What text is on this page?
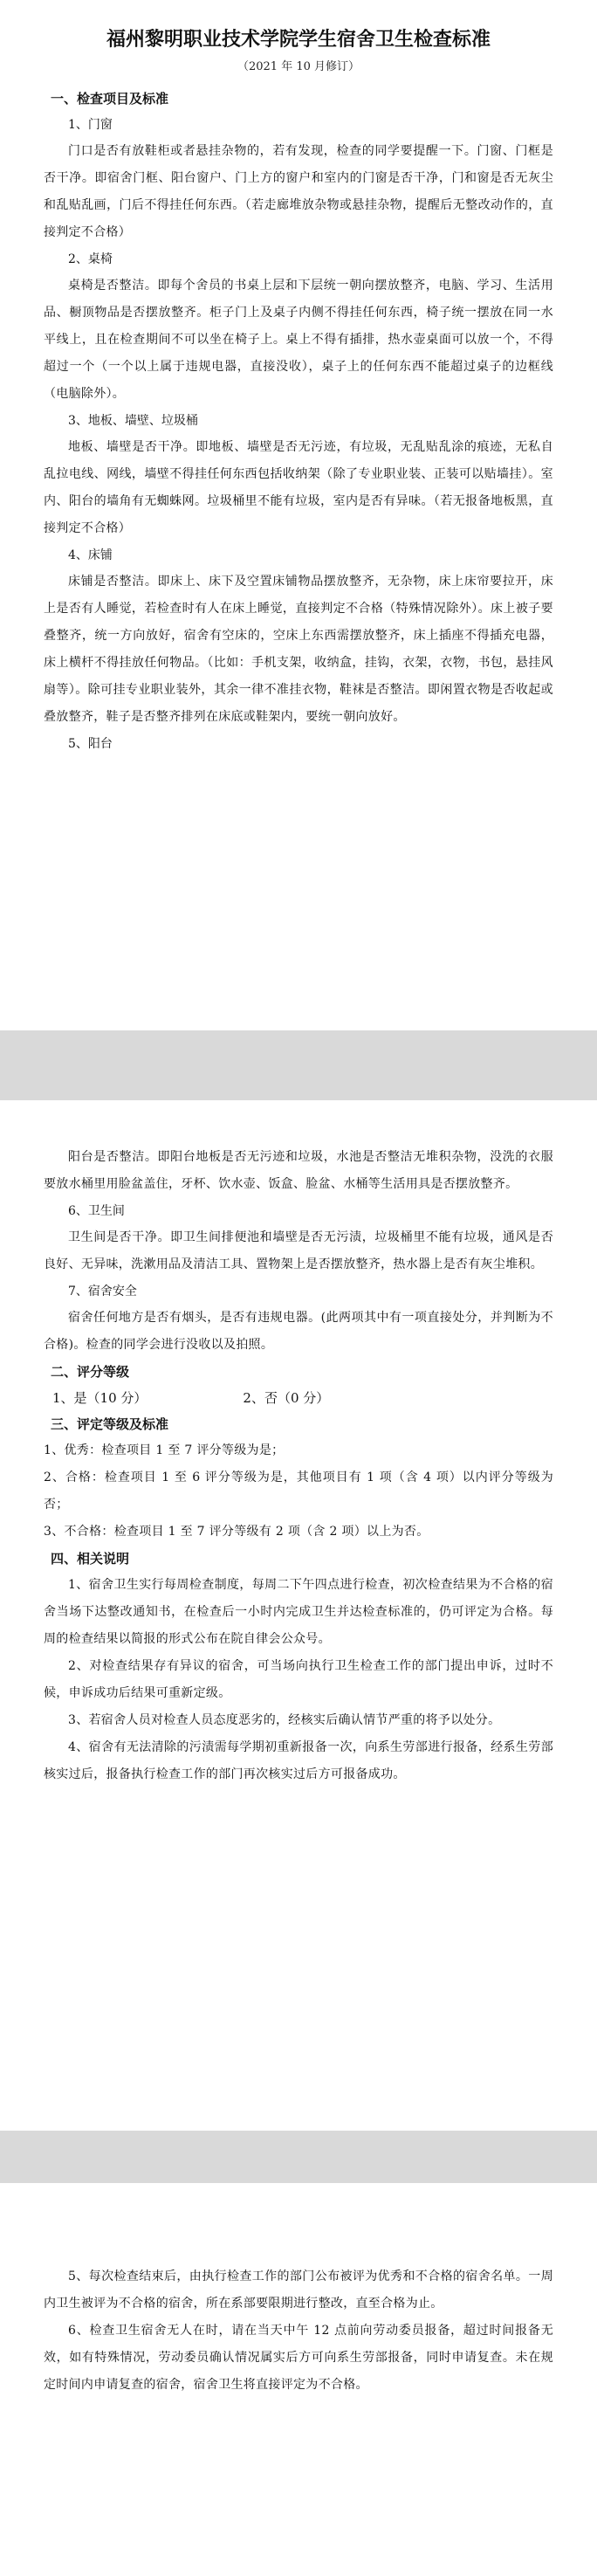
福州黎明职业技术学院学生宿舍卫生检查标准

（2021 年 10 月修订）

一、检查项目及标准

1、门窗

门口是否有放鞋柜或者悬挂杂物的，若有发现，检查的同学要提醒一下。门窗、门框是否干净。即宿舍门框、阳台窗户、门上方的窗户和室内的门窗是否干净，门和窗是否无灰尘和乱贴乱画，门后不得挂任何东西。（若走廊堆放杂物或悬挂杂物，提醒后无整改动作的，直接判定不合格）

2、桌椅

桌椅是否整洁。即每个舍员的书桌上层和下层统一朝向摆放整齐，电脑、学习、生活用品、橱顶物品是否摆放整齐。柜子门上及桌子内侧不得挂任何东西，椅子统一摆放在同一水平线上，且在检查期间不可以坐在椅子上。桌上不得有插排，热水壶桌面可以放一个，不得超过一个（一个以上属于违规电器，直接没收），桌子上的任何东西不能超过桌子的边框线（电脑除外）。

3、地板、墙壁、垃圾桶

地板、墙壁是否干净。即地板、墙壁是否无污迹，有垃圾，无乱贴乱涂的痕迹，无私自乱拉电线、网线，墙壁不得挂任何东西包括收纳架（除了专业职业装、正装可以贴墙挂）。室内、阳台的墙角有无蜘蛛网。垃圾桶里不能有垃圾，室内是否有异味。（若无报备地板黑，直接判定不合格）

4、床铺

床铺是否整洁。即床上、床下及空置床铺物品摆放整齐，无杂物，床上床帘要拉开，床上是否有人睡觉，若检查时有人在床上睡觉，直接判定不合格（特殊情况除外）。床上被子要叠整齐，统一方向放好，宿舍有空床的，空床上东西需摆放整齐，床上插座不得插充电器，床上横杆不得挂放任何物品。（比如：手机支架，收纳盒，挂钩，衣架，衣物，书包，悬挂风扇等）。除可挂专业职业装外，其余一律不准挂衣物，鞋袜是否整洁。即闲置衣物是否收起或叠放整齐，鞋子是否整齐排列在床底或鞋架内，要统一朝向放好。

5、阳台

阳台是否整洁。即阳台地板是否无污迹和垃圾，水池是否整洁无堆积杂物，没洗的衣服要放水桶里用脸盆盖住，牙杯、饮水壶、饭盒、脸盆、水桶等生活用具是否摆放整齐。

6、卫生间

卫生间是否干净。即卫生间排便池和墙壁是否无污渍，垃圾桶里不能有垃圾，通风是否良好、无异味，洗漱用品及清洁工具、置物架上是否摆放整齐，热水器上是否有灰尘堆积。

7、宿舍安全

宿舍任何地方是否有烟头，是否有违规电器。(此两项其中有一项直接处分，并判断为不合格)。检查的同学会进行没收以及拍照。

二、评分等级

1、是（10 分）	2、否（0 分）

三、评定等级及标准

1、优秀：检查项目 1 至 7 评分等级为是；

2、合格：检查项目 1 至 6 评分等级为是，其他项目有 1 项（含 4 项）以内评分等级为否；

3、不合格：检查项目 1 至 7 评分等级有 2 项（含 2 项）以上为否。

四、相关说明

1、宿舍卫生实行每周检查制度，每周二下午四点进行检查，初次检查结果为不合格的宿舍当场下达整改通知书，在检查后一小时内完成卫生并达检查标准的，仍可评定为合格。每周的检查结果以简报的形式公布在院自律会公众号。

2、对检查结果存有异议的宿舍，可当场向执行卫生检查工作的部门提出申诉，过时不候，申诉成功后结果可重新定级。

3、若宿舍人员对检查人员态度恶劣的，经核实后确认情节严重的将予以处分。

4、宿舍有无法清除的污渍需每学期初重新报备一次，向系生劳部进行报备，经系生劳部核实过后，报备执行检查工作的部门再次核实过后方可报备成功。

5、每次检查结束后，由执行检查工作的部门公布被评为优秀和不合格的宿舍名单。一周内卫生被评为不合格的宿舍，所在系部要限期进行整改，直至合格为止。

6、检查卫生宿舍无人在时，请在当天中午 12 点前向劳动委员报备，超过时间报备无效，如有特殊情况，劳动委员确认情况属实后方可向系生劳部报备，同时申请复查。未在规定时间内申请复查的宿舍，宿舍卫生将直接评定为不合格。
